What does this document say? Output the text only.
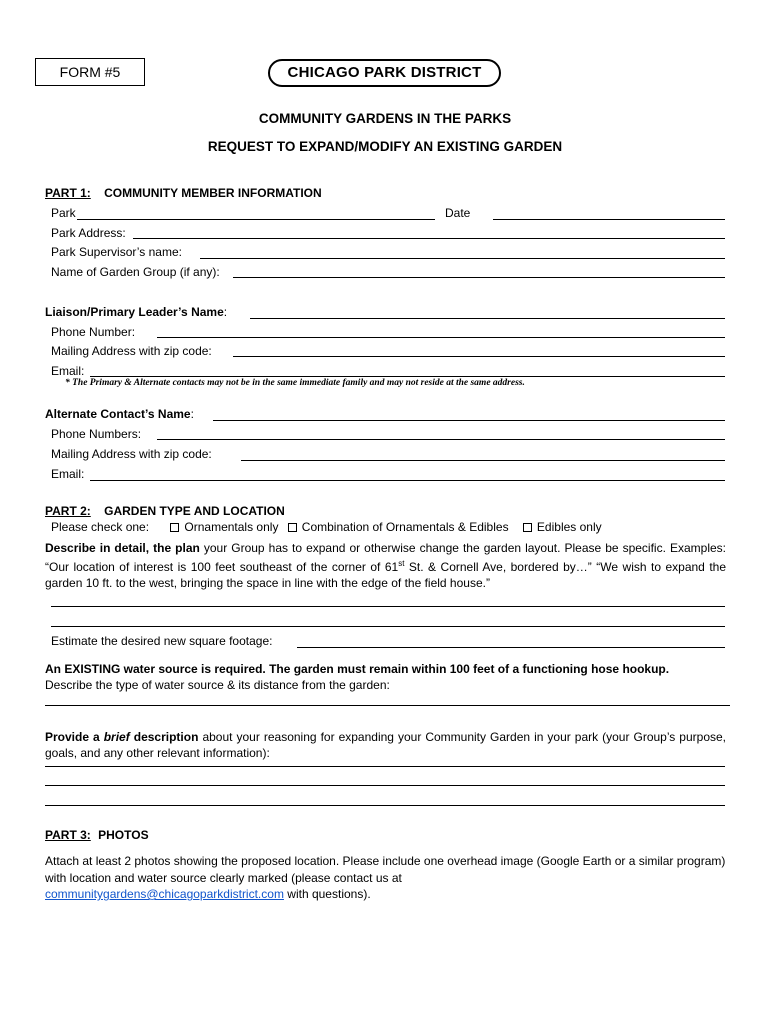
FORM #5	CHICAGO PARK DISTRICT
COMMUNITY GARDENS IN THE PARKS
REQUEST TO EXPAND/MODIFY AN EXISTING GARDEN
PART 1: COMMUNITY MEMBER INFORMATION
Park	Date
Park Address:
Park Supervisor’s name:
Name of Garden Group (if any):
Liaison/Primary Leader’s Name:
Phone Number:
Mailing Address with zip code:
Email:
* The Primary & Alternate contacts may not be in the same immediate family and may not reside at the same address.
Alternate Contact’s Name:
Phone Numbers:
Mailing Address with zip code:
Email:
PART 2: GARDEN TYPE AND LOCATION
Please check one:	Ornamentals only Combination of Ornamentals & Edibles Edibles only
Describe in detail, the plan your Group has to expand or otherwise change the garden layout. Please be specific. Examples: “Our location of interest is 100 feet southeast of the corner of 61st St. & Cornell Ave, bordered by…” “We wish to expand the garden 10 ft. to the west, bringing the space in line with the edge of the field house.”
Estimate the desired new square footage:
An EXISTING water source is required. The garden must remain within 100 feet of a functioning hose hookup.
Describe the type of water source & its distance from the garden:
Provide a brief description about your reasoning for expanding your Community Garden in your park (your Group’s purpose, goals, and any other relevant information):
PART 3: PHOTOS
Attach at least 2 photos showing the proposed location. Please include one overhead image (Google Earth or a similar program) with location and water source clearly marked (please contact us at
communitygardens@chicagoparkdistrict.com with questions).
